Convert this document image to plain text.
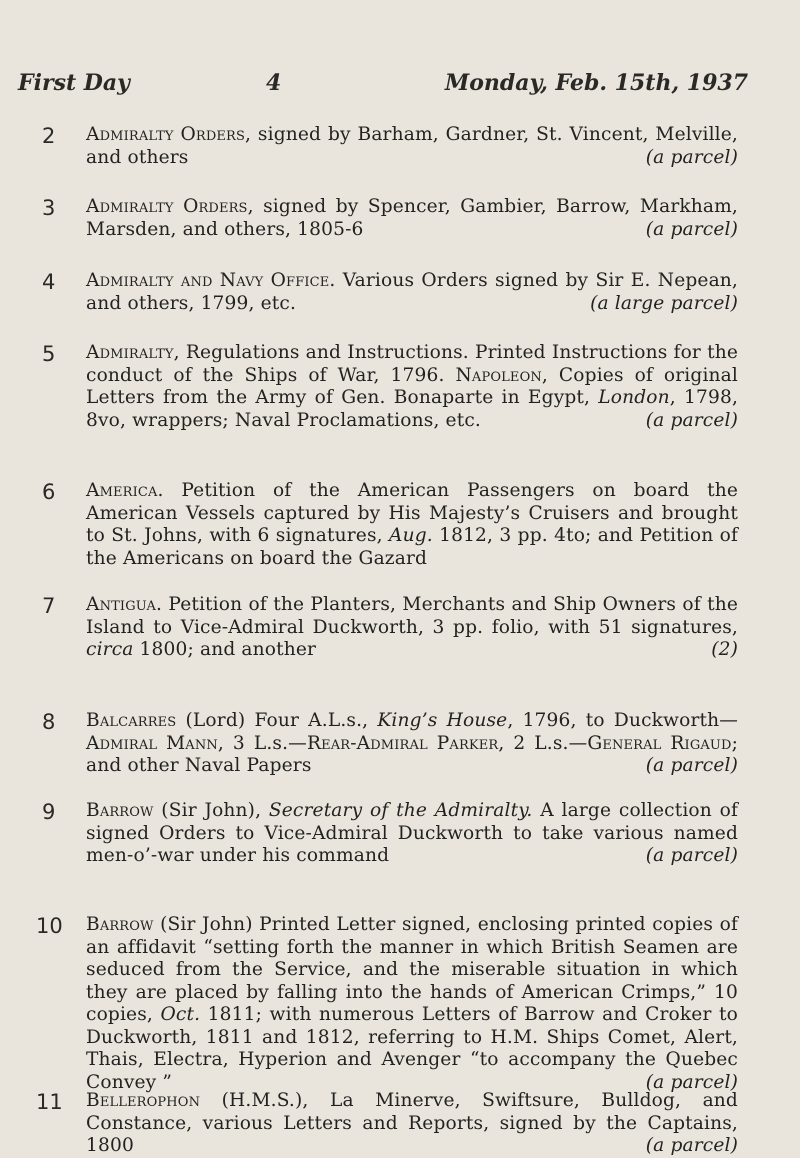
First Day	4	Monday, Feb. 15th, 1937
2	Admiralty Orders, signed by Barham, Gardner, St. Vincent, Melville, and others	(a parcel)
3	Admiralty Orders, signed by Spencer, Gambier, Barrow, Markham, Marsden, and others, 1805-6	(a parcel)
4	Admiralty and Navy Office. Various Orders signed by Sir E. Nepean, and others, 1799, etc.	(a large parcel)
5	Admiralty, Regulations and Instructions. Printed Instructions for the conduct of the Ships of War, 1796. Napoleon, Copies of original Letters from the Army of Gen. Bonaparte in Egypt, London, 1798, 8vo, wrappers; Naval Proclamations, etc.	(a parcel)
6	America. Petition of the American Passengers on board the American Vessels captured by His Majesty’s Cruisers and brought to St. Johns, with 6 signatures, Aug. 1812, 3 pp. 4to; and Petition of the Americans on board the Gazard
7	Antigua. Petition of the Planters, Merchants and Ship Owners of the Island to Vice-Admiral Duckworth, 3 pp. folio, with 51 signatures, circa 1800; and another	(2)
8	Balcarres (Lord) Four A.L.s., King’s House, 1796, to Duckworth—Admiral Mann, 3 L.s.—Rear-Admiral Parker, 2 L.s.—General Rigaud; and other Naval Papers	(a parcel)
9	Barrow (Sir John), Secretary of the Admiralty. A large collection of signed Orders to Vice-Admiral Duckworth to take various named men-o’-war under his command	(a parcel)
10	Barrow (Sir John) Printed Letter signed, enclosing printed copies of an affidavit “setting forth the manner in which British Seamen are seduced from the Service, and the miserable situation in which they are placed by falling into the hands of American Crimps,” 10 copies, Oct. 1811; with numerous Letters of Barrow and Croker to Duckworth, 1811 and 1812, referring to H.M. Ships Comet, Alert, Thais, Electra, Hyperion and Avenger “to accompany the Quebec Convey ”	(a parcel)
11	Bellerophon (H.M.S.), La Minerve, Swiftsure, Bulldog, and Constance, various Letters and Reports, signed by the Captains, 1800	(a parcel)
